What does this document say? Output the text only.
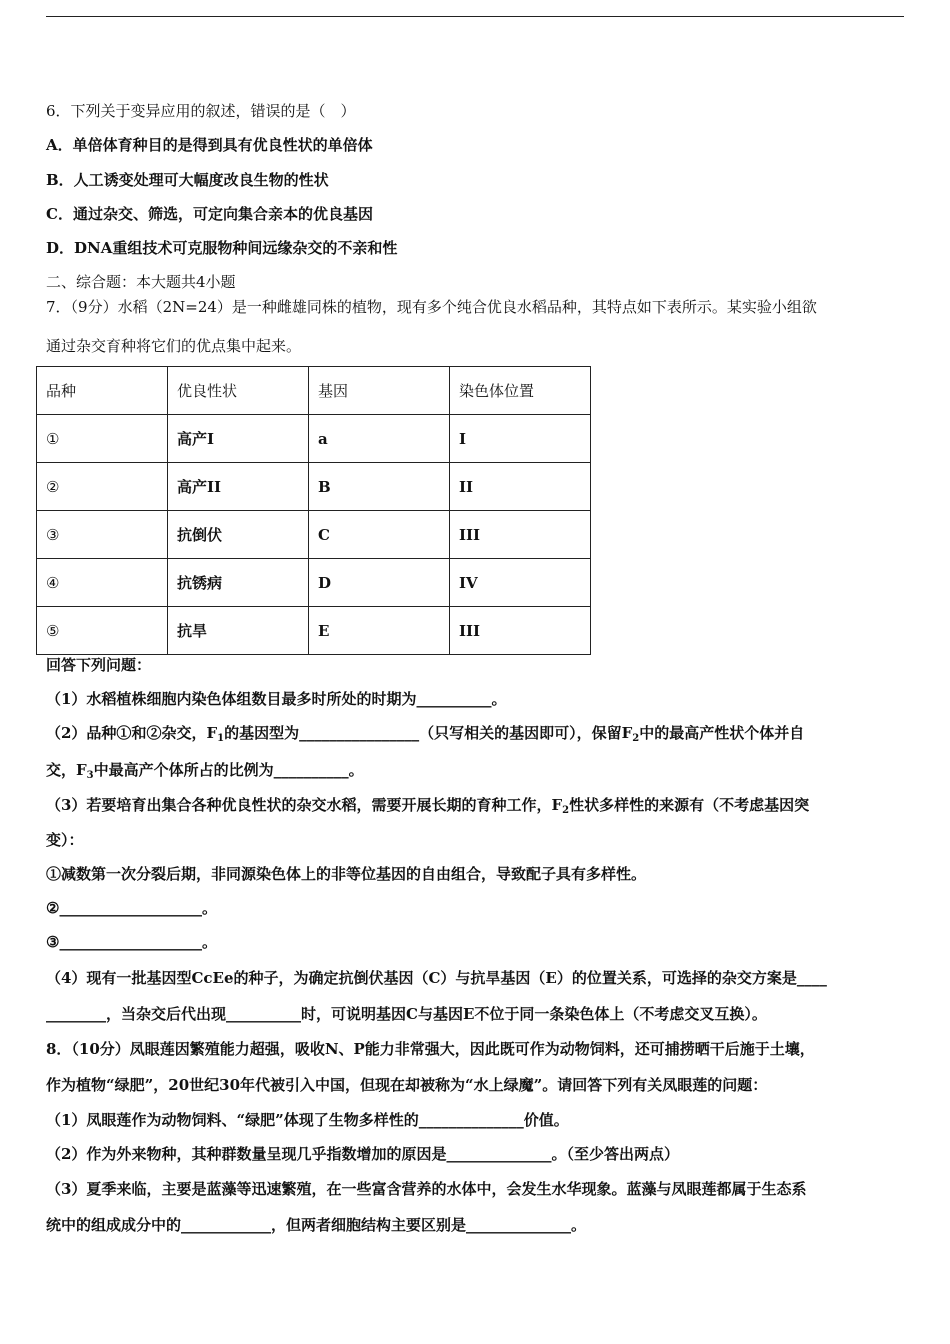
6．下列关于变异应用的叙述，错误的是（　）
A．单倍体育种目的是得到具有优良性状的单倍体
B．人工诱变处理可大幅度改良生物的性状
C．通过杂交、筛选，可定向集合亲本的优良基因
D．DNA重组技术可克服物种间远缘杂交的不亲和性
二、综合题：本大题共4小题
7．（9分）水稻（2N=24）是一种雌雄同株的植物，现有多个纯合优良水稻品种，其特点如下表所示。某实验小组欲
通过杂交育种将它们的优点集中起来。
品种	优良性状	基因	染色体位置
①	高产I	a	I
②	高产II	B	II
③	抗倒伏	C	III
④	抗锈病	D	IV
⑤	抗旱	E	III
回答下列问题：
（1）水稻植株细胞内染色体组数目最多时所处的时期为__________。
（2）品种①和②杂交，$F_1$的基因型为________________（只写相关的基因即可），保留$F_2$中的最高产性状个体并自
交，$F_3$中最高产个体所占的比例为__________。
（3）若要培育出集合各种优良性状的杂交水稻，需要开展长期的育种工作，$F_2$性状多样性的来源有（不考虑基因突
变）：
①减数第一次分裂后期，非同源染色体上的非等位基因的自由组合，导致配子具有多样性。
②___________________。
③___________________。
（4）现有一批基因型CcEe的种子，为确定抗倒伏基因（C）与抗旱基因（E）的位置关系，可选择的杂交方案是____
________，当杂交后代出现__________时，可说明基因C与基因E不位于同一条染色体上（不考虑交叉互换）。
8．（10分）凤眼莲因繁殖能力超强，吸收N、P能力非常强大，因此既可作为动物饲料，还可捕捞晒干后施于土壤，
作为植物“绿肥”，20世纪30年代被引入中国，但现在却被称为“水上绿魔”。请回答下列有关凤眼莲的问题：
（1）凤眼莲作为动物饲料、“绿肥”体现了生物多样性的______________价值。
（2）作为外来物种，其种群数量呈现几乎指数增加的原因是______________。（至少答出两点）
（3）夏季来临，主要是蓝藻等迅速繁殖，在一些富含营养的水体中，会发生水华现象。蓝藻与凤眼莲都属于生态系
统中的组成成分中的____________，但两者细胞结构主要区别是______________。
